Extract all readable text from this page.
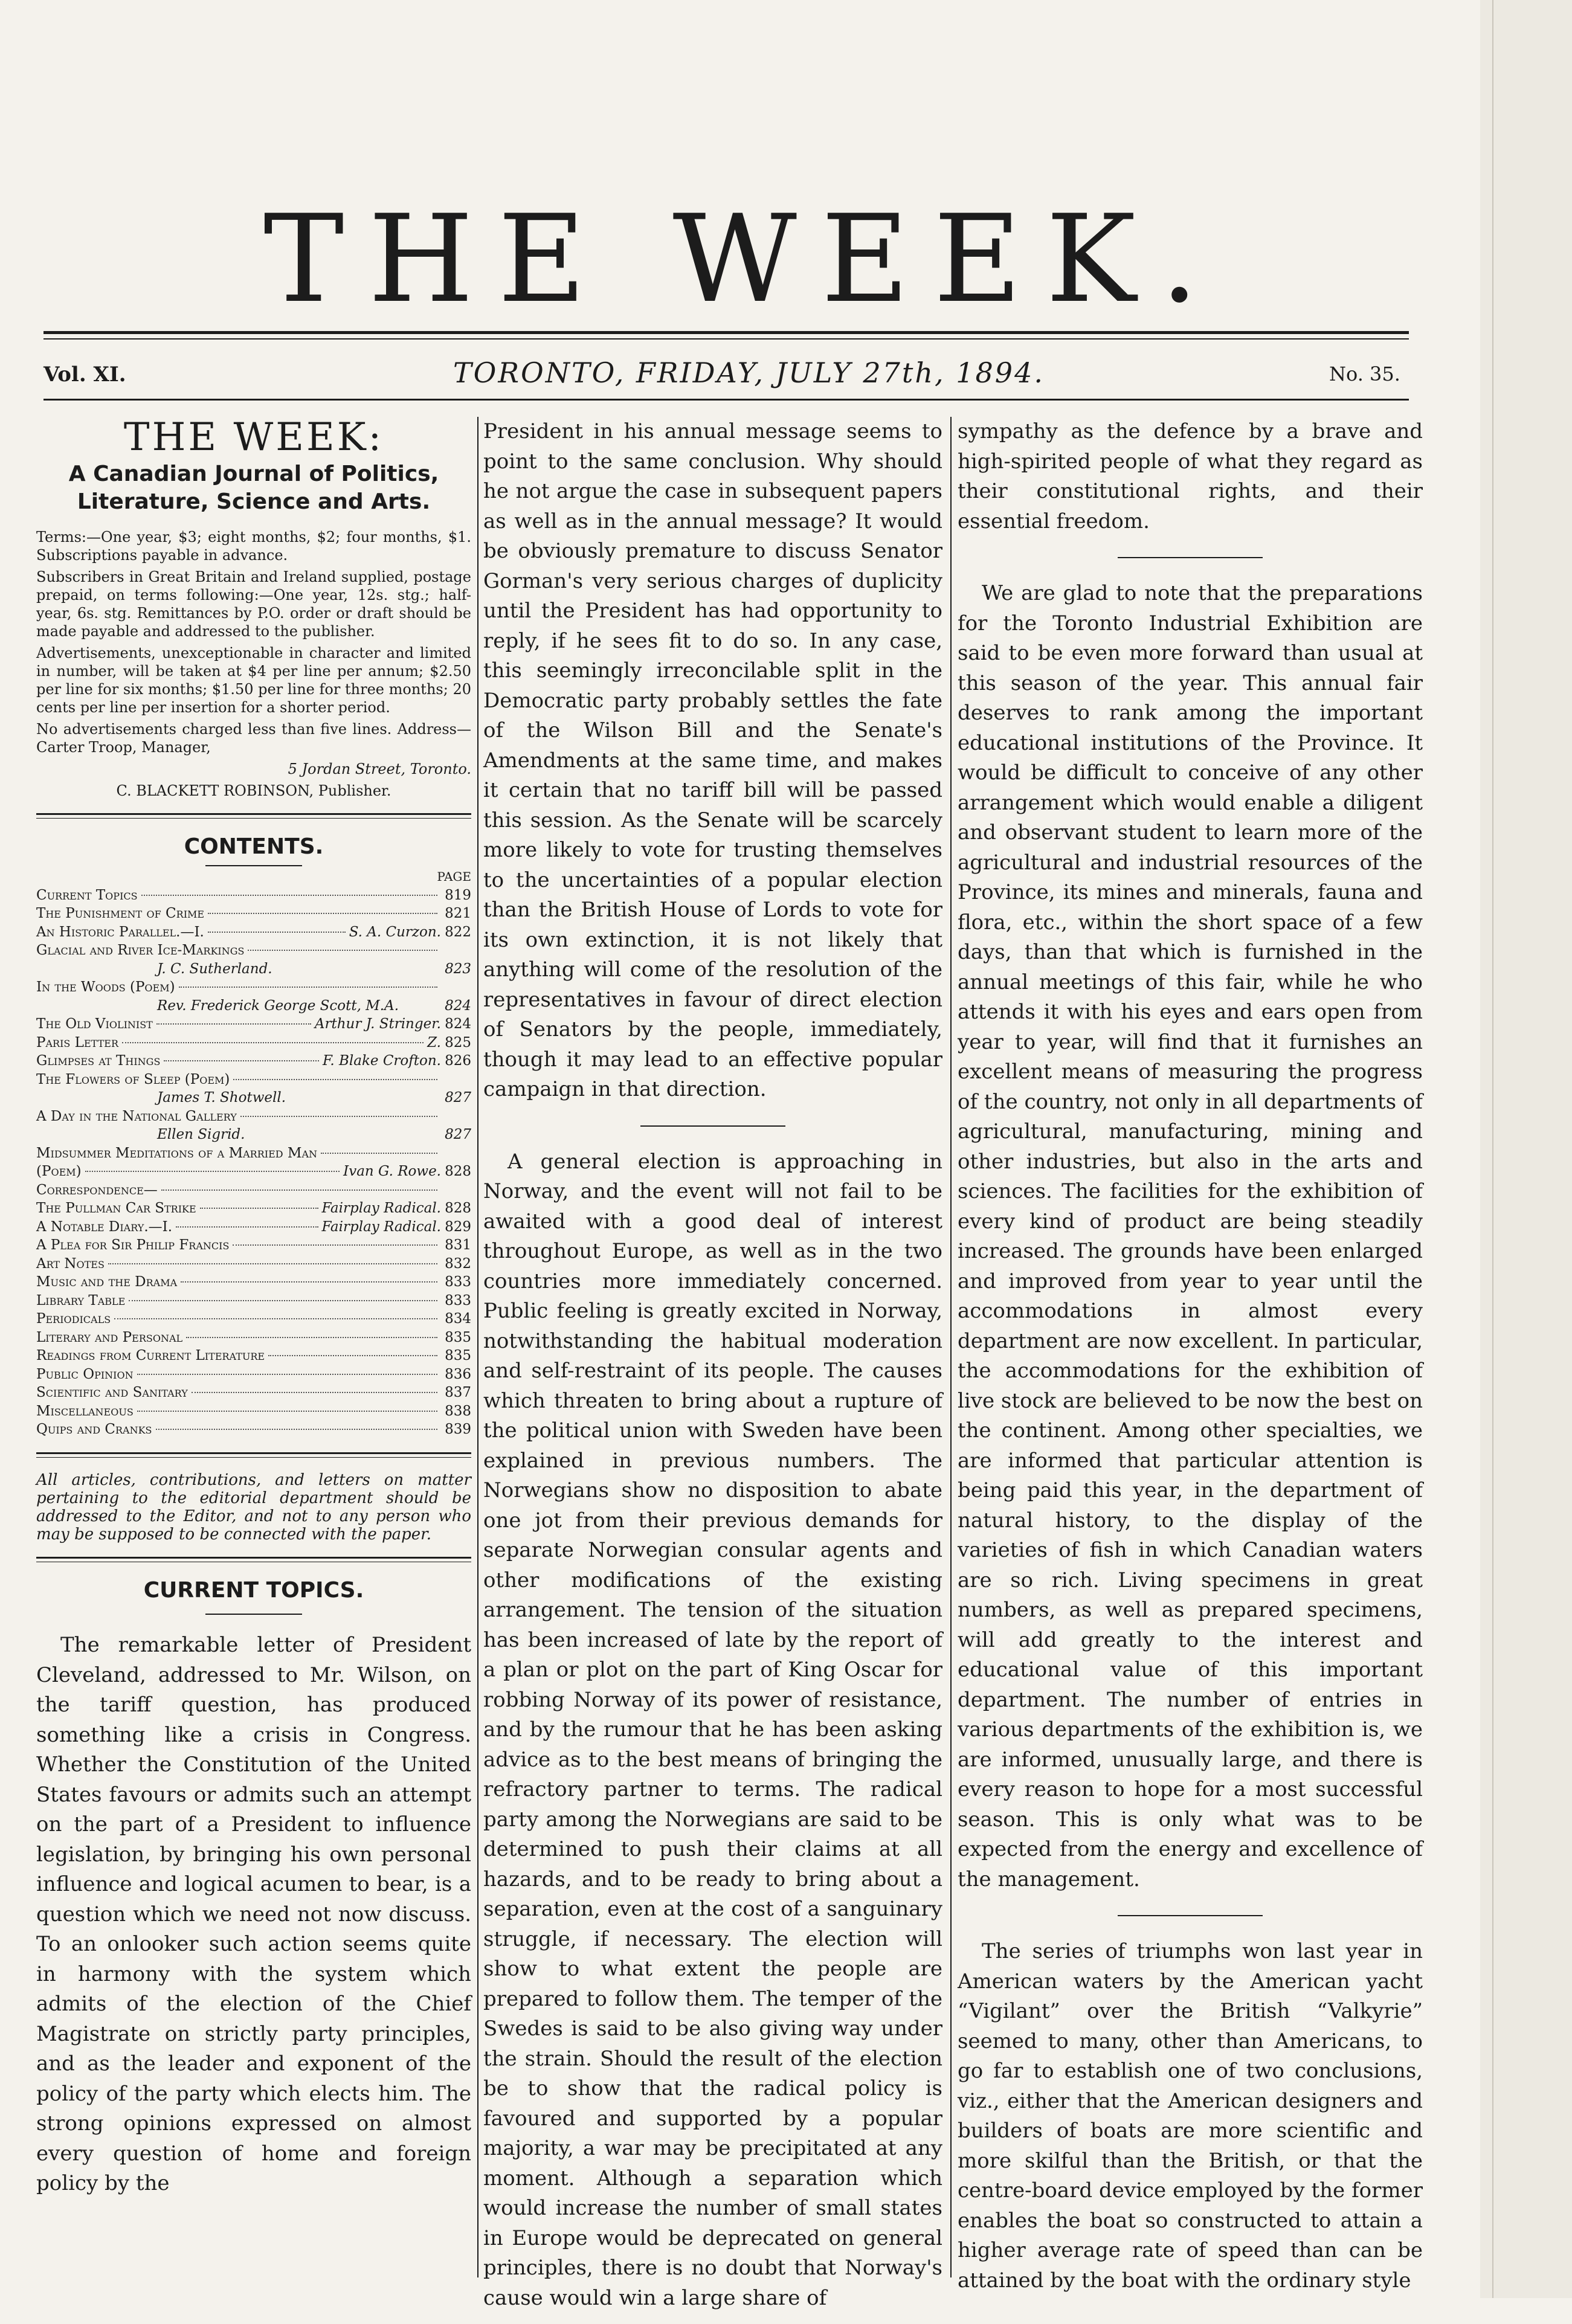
THE WEEK.
Vol. XI.	TORONTO, FRIDAY, JULY 27th, 1894.	No. 35.
THE WEEK:
A Canadian Journal of Politics, Literature, Science and Arts.

Terms:—One year, $3; eight months, $2; four months, $1. Subscriptions payable in advance.

Subscribers in Great Britain and Ireland supplied, postage prepaid, on terms following:—One year, 12s. stg.; half-year, 6s. stg. Remittances by P.O. order or draft should be made payable and addressed to the publisher.

Advertisements, unexceptionable in character and limited in number, will be taken at $4 per line per annum; $2.50 per line for six months; $1.50 per line for three months; 20 cents per line per insertion for a shorter period.

No advertisements charged less than five lines. Address—Carter Troop, Manager,

5 Jordan Street, Toronto.

C. BLACKETT ROBINSON, Publisher.

CONTENTS.
PAGE
Current Topics	819
The Punishment of Crime	821
An Historic Parallel.—I.	S. A. Curzon. 822
Glacial and River Ice-Markings
J. C. Sutherland.	823
In the Woods (Poem)
Rev. Frederick George Scott, M.A.	824
The Old Violinist	Arthur J. Stringer. 824
Paris Letter	Z. 825
Glimpses at Things	F. Blake Crofton. 826
The Flowers of Sleep (Poem)
James T. Shotwell.	827
A Day in the National Gallery
Ellen Sigrid.	827
Midsummer Meditations of a Married Man
(Poem)	Ivan G. Rowe. 828
Correspondence—
The Pullman Car Strike	Fairplay Radical. 828
A Notable Diary.—I.	Fairplay Radical. 829
A Plea for Sir Philip Francis	831
Art Notes	832
Music and the Drama	833
Library Table	833
Periodicals	834
Literary and Personal	835
Readings from Current Literature	835
Public Opinion	836
Scientific and Sanitary	837
Miscellaneous	838
Quips and Cranks	839
All articles, contributions, and letters on matter pertaining to the editorial department should be addressed to the Editor, and not to any person who may be supposed to be connected with the paper.
CURRENT TOPICS.

The remarkable letter of President Cleveland, addressed to Mr. Wilson, on the tariff question, has produced something like a crisis in Congress. Whether the Constitution of the United States favours or admits such an attempt on the part of a President to influence legislation, by bringing his own personal influence and logical acumen to bear, is a question which we need not now discuss. To an onlooker such action seems quite in harmony with the system which admits of the election of the Chief Magistrate on strictly party principles, and as the leader and exponent of the policy of the party which elects him. The strong opinions expressed on almost every question of home and foreign policy by the

President in his annual message seems to point to the same conclusion. Why should he not argue the case in subsequent papers as well as in the annual message? It would be obviously premature to discuss Senator Gorman's very serious charges of duplicity until the President has had opportunity to reply, if he sees fit to do so. In any case, this seemingly irreconcilable split in the Democratic party probably settles the fate of the Wilson Bill and the Senate's Amendments at the same time, and makes it certain that no tariff bill will be passed this session. As the Senate will be scarcely more likely to vote for trusting themselves to the uncertainties of a popular election than the British House of Lords to vote for its own extinction, it is not likely that anything will come of the resolution of the representatives in favour of direct election of Senators by the people, immediately, though it may lead to an effective popular campaign in that direction.

A general election is approaching in Norway, and the event will not fail to be awaited with a good deal of interest throughout Europe, as well as in the two countries more immediately concerned. Public feeling is greatly excited in Norway, notwithstanding the habitual moderation and self-restraint of its people. The causes which threaten to bring about a rupture of the political union with Sweden have been explained in previous numbers. The Norwegians show no disposition to abate one jot from their previous demands for separate Norwegian consular agents and other modifications of the existing arrangement. The tension of the situation has been increased of late by the report of a plan or plot on the part of King Oscar for robbing Norway of its power of resistance, and by the rumour that he has been asking advice as to the best means of bringing the refractory partner to terms. The radical party among the Norwegians are said to be determined to push their claims at all hazards, and to be ready to bring about a separation, even at the cost of a sanguinary struggle, if necessary. The election will show to what extent the people are prepared to follow them. The temper of the Swedes is said to be also giving way under the strain. Should the result of the election be to show that the radical policy is favoured and supported by a popular majority, a war may be precipitated at any moment. Although a separation which would increase the number of small states in Europe would be deprecated on general principles, there is no doubt that Norway's cause would win a large share of

sympathy as the defence by a brave and high-spirited people of what they regard as their constitutional rights, and their essential freedom.

We are glad to note that the preparations for the Toronto Industrial Exhibition are said to be even more forward than usual at this season of the year. This annual fair deserves to rank among the important educational institutions of the Province. It would be difficult to conceive of any other arrangement which would enable a diligent and observant student to learn more of the agricultural and industrial resources of the Province, its mines and minerals, fauna and flora, etc., within the short space of a few days, than that which is furnished in the annual meetings of this fair, while he who attends it with his eyes and ears open from year to year, will find that it furnishes an excellent means of measuring the progress of the country, not only in all departments of agricultural, manufacturing, mining and other industries, but also in the arts and sciences. The facilities for the exhibition of every kind of product are being steadily increased. The grounds have been enlarged and improved from year to year until the accommodations in almost every department are now excellent. In particular, the accommodations for the exhibition of live stock are believed to be now the best on the continent. Among other specialties, we are informed that particular attention is being paid this year, in the department of natural history, to the display of the varieties of fish in which Canadian waters are so rich. Living specimens in great numbers, as well as prepared specimens, will add greatly to the interest and educational value of this important department. The number of entries in various departments of the exhibition is, we are informed, unusually large, and there is every reason to hope for a most successful season. This is only what was to be expected from the energy and excellence of the management.

The series of triumphs won last year in American waters by the American yacht “Vigilant” over the British “Valkyrie” seemed to many, other than Americans, to go far to establish one of two conclusions, viz., either that the American designers and builders of boats are more scientific and more skilful than the British, or that the centre-board device employed by the former enables the boat so constructed to attain a higher average rate of speed than can be attained by the boat with the ordinary style
